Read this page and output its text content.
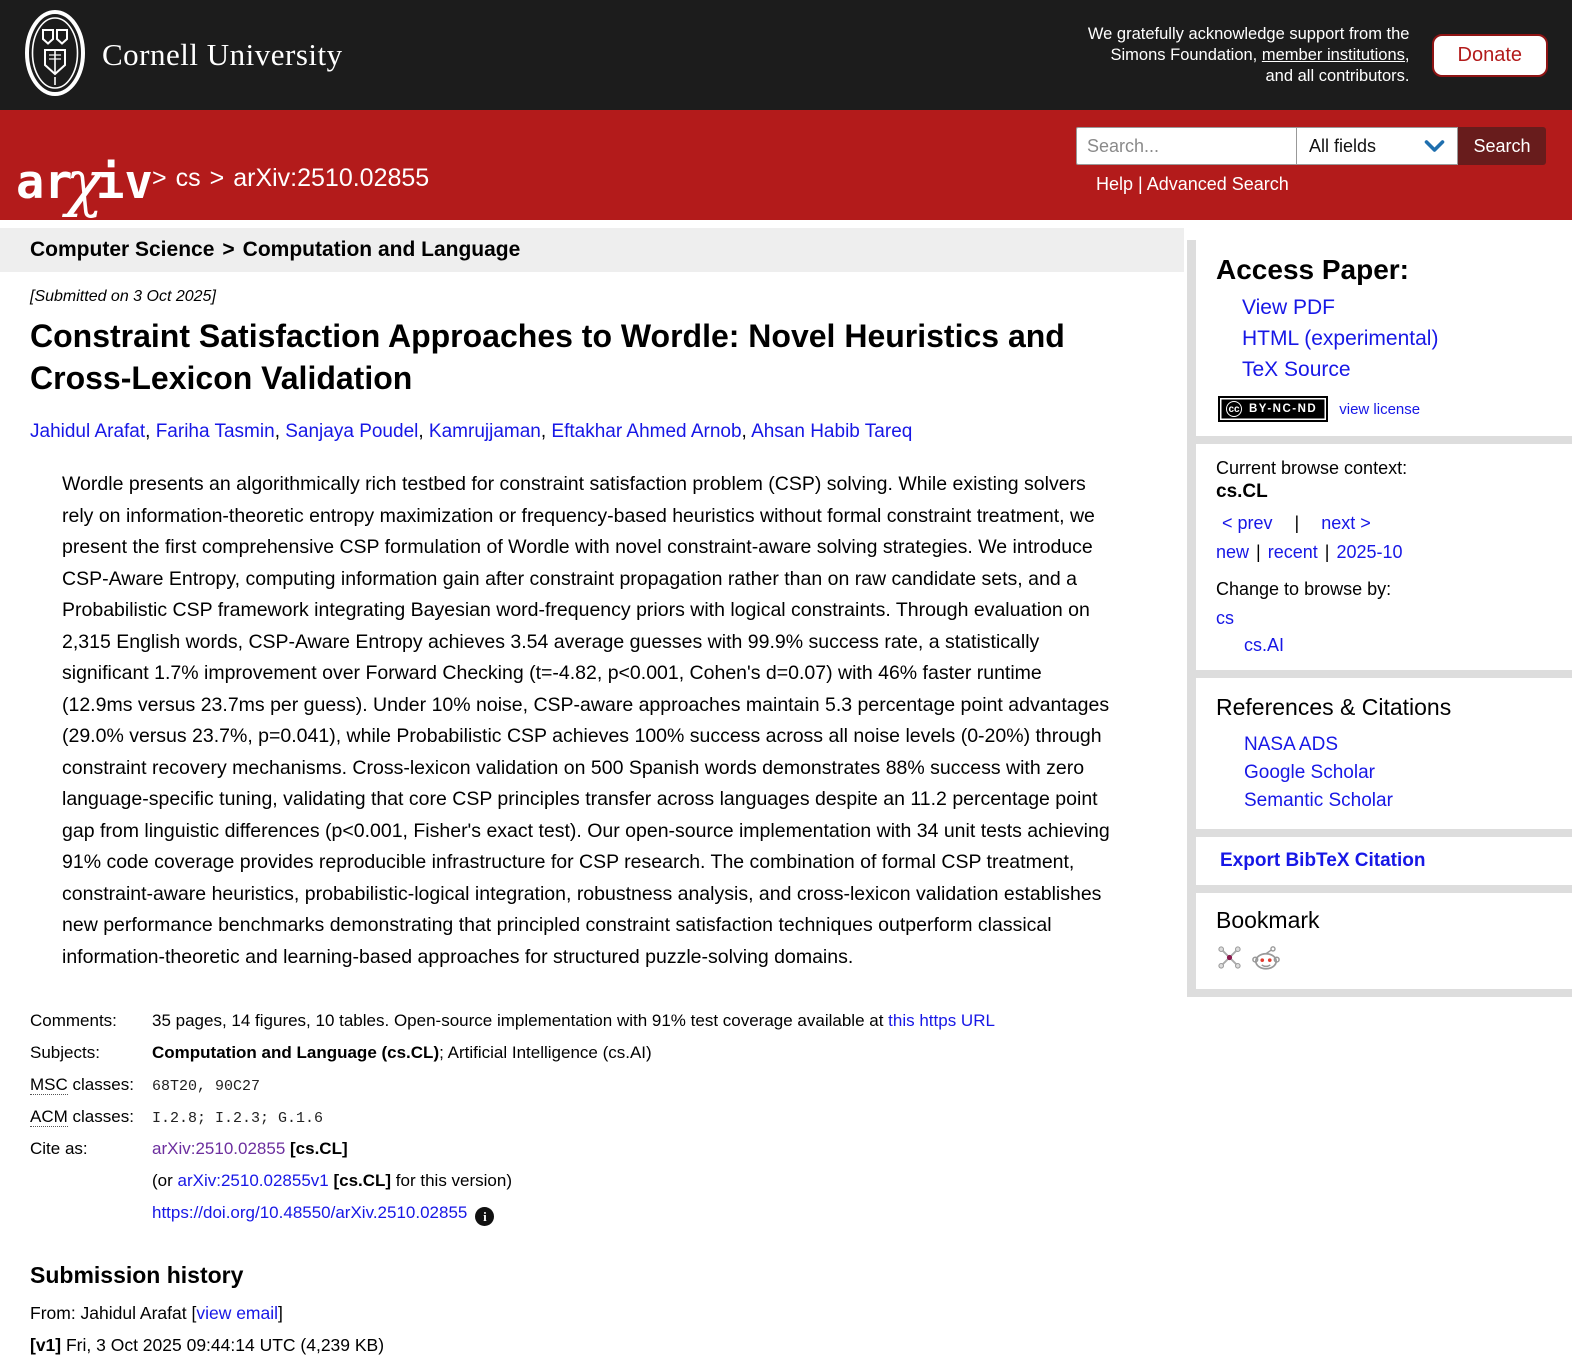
Cornell University
We gratefully acknowledge support from the
Simons Foundation, member institutions,
and all contributors.
Donate
ar
χ
iv > cs > arXiv:2510.02855
Search...
All fields	Search
Help | Advanced Search
Computer Science > Computation and Language
[Submitted on 3 Oct 2025]
Constraint Satisfaction Approaches to Wordle: Novel Heuristics and Cross-Lexicon Validation
Jahidul Arafat, Fariha Tasmin, Sanjaya Poudel, Kamrujjaman, Eftakhar Ahmed Arnob, Ahsan Habib Tareq

Wordle presents an algorithmically rich testbed for constraint satisfaction problem (CSP) solving. While existing solvers rely on information-theoretic entropy maximization or frequency-based heuristics without formal constraint treatment, we present the first comprehensive CSP formulation of Wordle with novel constraint-aware solving strategies. We introduce CSP-Aware Entropy, computing information gain after constraint propagation rather than on raw candidate sets, and a Probabilistic CSP framework integrating Bayesian word-frequency priors with logical constraints. Through evaluation on 2,315 English words, CSP-Aware Entropy achieves 3.54 average guesses with 99.9% success rate, a statistically significant 1.7% improvement over Forward Checking (t=-4.82, p<0.001, Cohen's d=0.07) with 46% faster runtime (12.9ms versus 23.7ms per guess). Under 10% noise, CSP-aware approaches maintain 5.3 percentage point advantages (29.0% versus 23.7%, p=0.041), while Probabilistic CSP achieves 100% success across all noise levels (0-20%) through constraint recovery mechanisms. Cross-lexicon validation on 500 Spanish words demonstrates 88% success with zero language-specific tuning, validating that core CSP principles transfer across languages despite an 11.2 percentage point gap from linguistic differences (p<0.001, Fisher's exact test). Our open-source implementation with 34 unit tests achieving 91% code coverage provides reproducible infrastructure for CSP research. The combination of formal CSP treatment, constraint-aware heuristics, probabilistic-logical integration, robustness analysis, and cross-lexicon validation establishes new performance benchmarks demonstrating that principled constraint satisfaction techniques outperform classical information-theoretic and learning-based approaches for structured puzzle-solving domains.

Comments:	35 pages, 14 figures, 10 tables. Open-source implementation with 91% test coverage available at this https URL
Subjects:	Computation and Language (cs.CL); Artificial Intelligence (cs.AI)
MSC classes:	68T20, 90C27
ACM classes:	I.2.8; I.2.3; G.1.6
Cite as:	arXiv:2510.02855 [cs.CL]
(or arXiv:2510.02855v1 [cs.CL] for this version)
https://doi.org/10.48550/arXiv.2510.02855 i
Submission history
From: Jahidul Arafat [view email]
[v1] Fri, 3 Oct 2025 09:44:14 UTC (4,239 KB)
Access Paper:
View PDF
HTML (experimental)
TeX Source
cc BY-NC-ND view license
Current browse context:
cs.CL
< prev | next >
new | recent | 2025-10
Change to browse by:
cs
cs.AI
References & Citations
NASA ADS
Google Scholar
Semantic Scholar
Export BibTeX Citation
Bookmark
